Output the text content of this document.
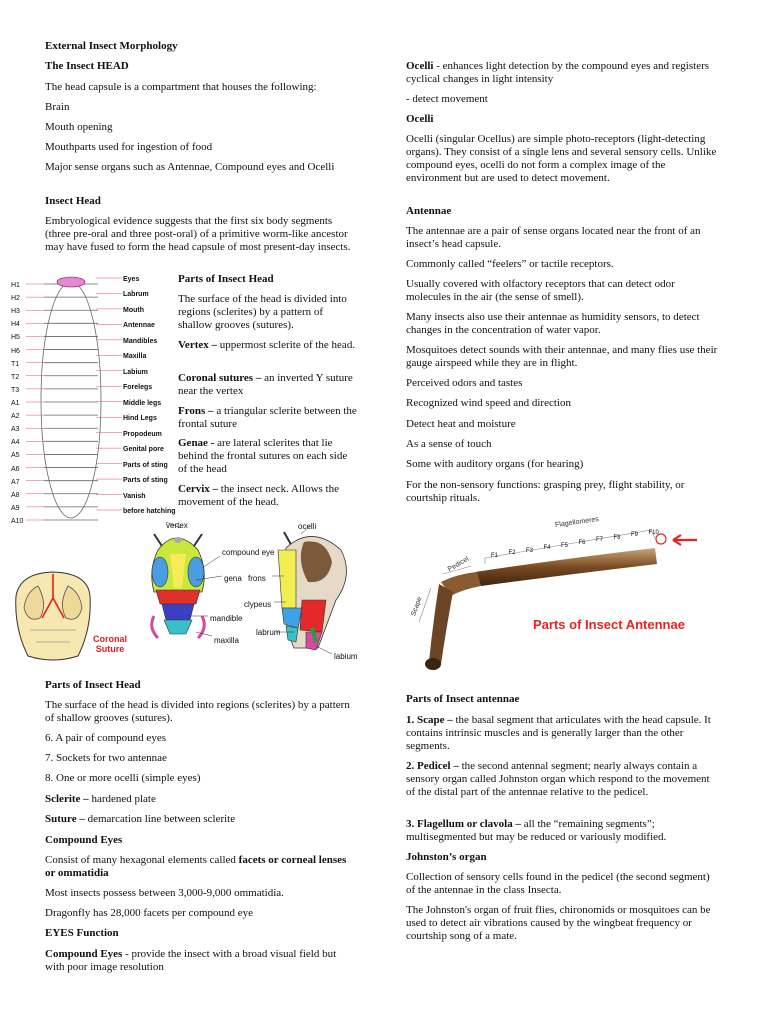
External Insect Morphology

The Insect HEAD

The head capsule is a compartment that houses the following:

Brain

Mouth opening

Mouthparts used for ingestion of food

Major sense organs such as Antennae, Compound eyes and Ocelli

Insect Head

Embryological evidence suggests that the first six body segments (three pre-oral and three post-oral) of a primitive worm-like ancestor may have fused to form the head capsule of most present-day insects.

Parts of Insect Head

The surface of the head is divided into regions (sclerites) by a pattern of shallow grooves (sutures).

Vertex – uppermost sclerite of the head.

Coronal sutures – an inverted Y suture near the vertex

Frons – a triangular sclerite between the frontal suture

Genae - are lateral sclerites that lie behind the frontal sutures on each side of the head

Cervix – the insect neck. Allows the movement of the head.

Parts of Insect Head

The surface of the head is divided into regions (sclerites) by a pattern of shallow grooves (sutures).

6. A pair of compound eyes

7. Sockets for two antennae

8. One or more ocelli (simple eyes)

Sclerite – hardened plate

Suture – demarcation line between sclerite

Compound Eyes

Consist of many hexagonal elements called facets or corneal lenses or ommatidia

Most insects possess between 3,000-9,000 ommatidia.

Dragonfly has 28,000 facets per compound eye

EYES Function

Compound Eyes - provide the insect with a broad visual field but with poor image resolution

Ocelli - enhances light detection by the compound eyes and registers cyclical changes in light intensity

- detect movement

Ocelli

Ocelli (singular Ocellus) are simple photo-receptors (light-detecting organs). They consist of a single lens and several sensory cells. Unlike compound eyes, ocelli do not form a complex image of the environment but are used to detect movement.

Antennae

The antennae are a pair of sense organs located near the front of an insect’s head capsule.

Commonly called “feelers” or tactile receptors.

Usually covered with olfactory receptors that can detect odor molecules in the air (the sense of smell).

Many insects also use their antennae as humidity sensors, to detect changes in the concentration of water vapor.

Mosquitoes detect sounds with their antennae, and many flies use their gauge airspeed while they are in flight.

Perceived odors and tastes

Recognized wind speed and direction

Detect heat and moisture

As a sense of touch

Some with auditory organs (for hearing)

For the non-sensory functions: grasping prey, flight stability, or courtship rituals.

Parts of Insect antennae

1. Scape – the basal segment that articulates with the head capsule. It contains intrinsic muscles and is generally larger than the other segments.

2. Pedicel – the second antennal segment; nearly always contain a sensory organ called Johnston organ which respond to the movement of the distal part of the antennae relative to the pedicel.

3. Flagellum or clavola – all the “remaining segments”; multisegmented but may be reduced or variously modified.

Johnston’s organ

Collection of sensory cells found in the pedicel (the second segment) of the antennae in the class Insecta.

The Johnston's organ of fruit flies, chironomids or mosquitoes can be used to detect air vibrations caused by the wingbeat frequency or courtship song of a mate.

H1
H2
H3
H4
H5
H6
T1
T2
T3
A1
A2
A3
A4
A5
A6
A7
A8
A9
A10
Eyes
Labrum
Mouth
Antennae
Mandibles
Maxilla
Labium
Forelegs
Middle legs
Hind Legs
Propodeum
Genital pore
Parts of sting
Parts of sting
Vanish
before hatching
Coronal Suture
vertex	ocelli
compound eye
gena frons
clypeus
mandible
labrum
maxilla
labium
F1 F2 F3 F4 F5 F6 F7 F8 F9 F10
Flagellomeres
Pedicel
Scape
Parts of Insect Antennae
